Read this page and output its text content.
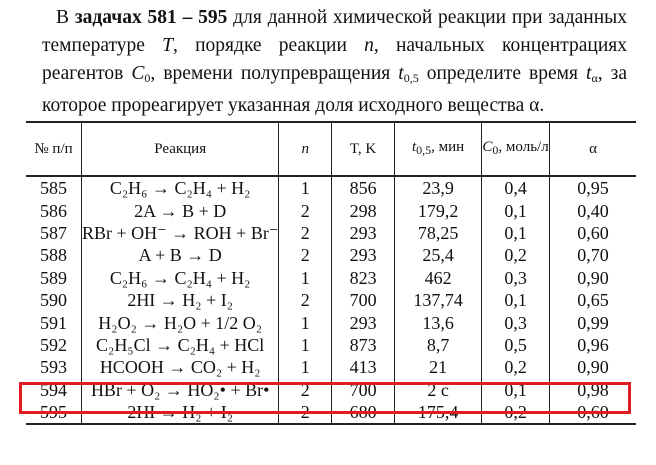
В задачах 581 – 595 для данной химической реакции при заданных температуре T, порядке реакции n, начальных концентрациях реагентов $C_0$, времени полупревращения $t_{0,5}$ определите время $t_\alpha$, за которое прореагирует указанная доля исходного вещества α.
№ п/п	Реакция	n	T, K	$t_{0,5}$, мин	$C_0$, моль/л	α
585	C₂H₆ → C₂H₄ + H₂	1	856	23,9	0,4	0,95
586	2A → B + D	2	298	179,2	0,1	0,40
587	RBr + OH⁻ → ROH + Br⁻	2	293	78,25	0,1	0,60
588	A + B → D	2	293	25,4	0,2	0,70
589	C₂H₆ → C₂H₄ + H₂	1	823	462	0,3	0,90
590	2HI → H₂ + I₂	2	700	137,74	0,1	0,65
591	H₂O₂ → H₂O + 1/2 O₂	1	293	13,6	0,3	0,99
592	C₂H₅Cl → C₂H₄ + HCl	1	873	8,7	0,5	0,96
593	HCOOH → CO₂ + H₂	1	413	21	0,2	0,90
594	HBr + O₂ → HO₂• + Br•	2	700	2 с	0,1	0,98
595	2HI → H₂ + I₂	2	680	175,4	0,2	0,60
